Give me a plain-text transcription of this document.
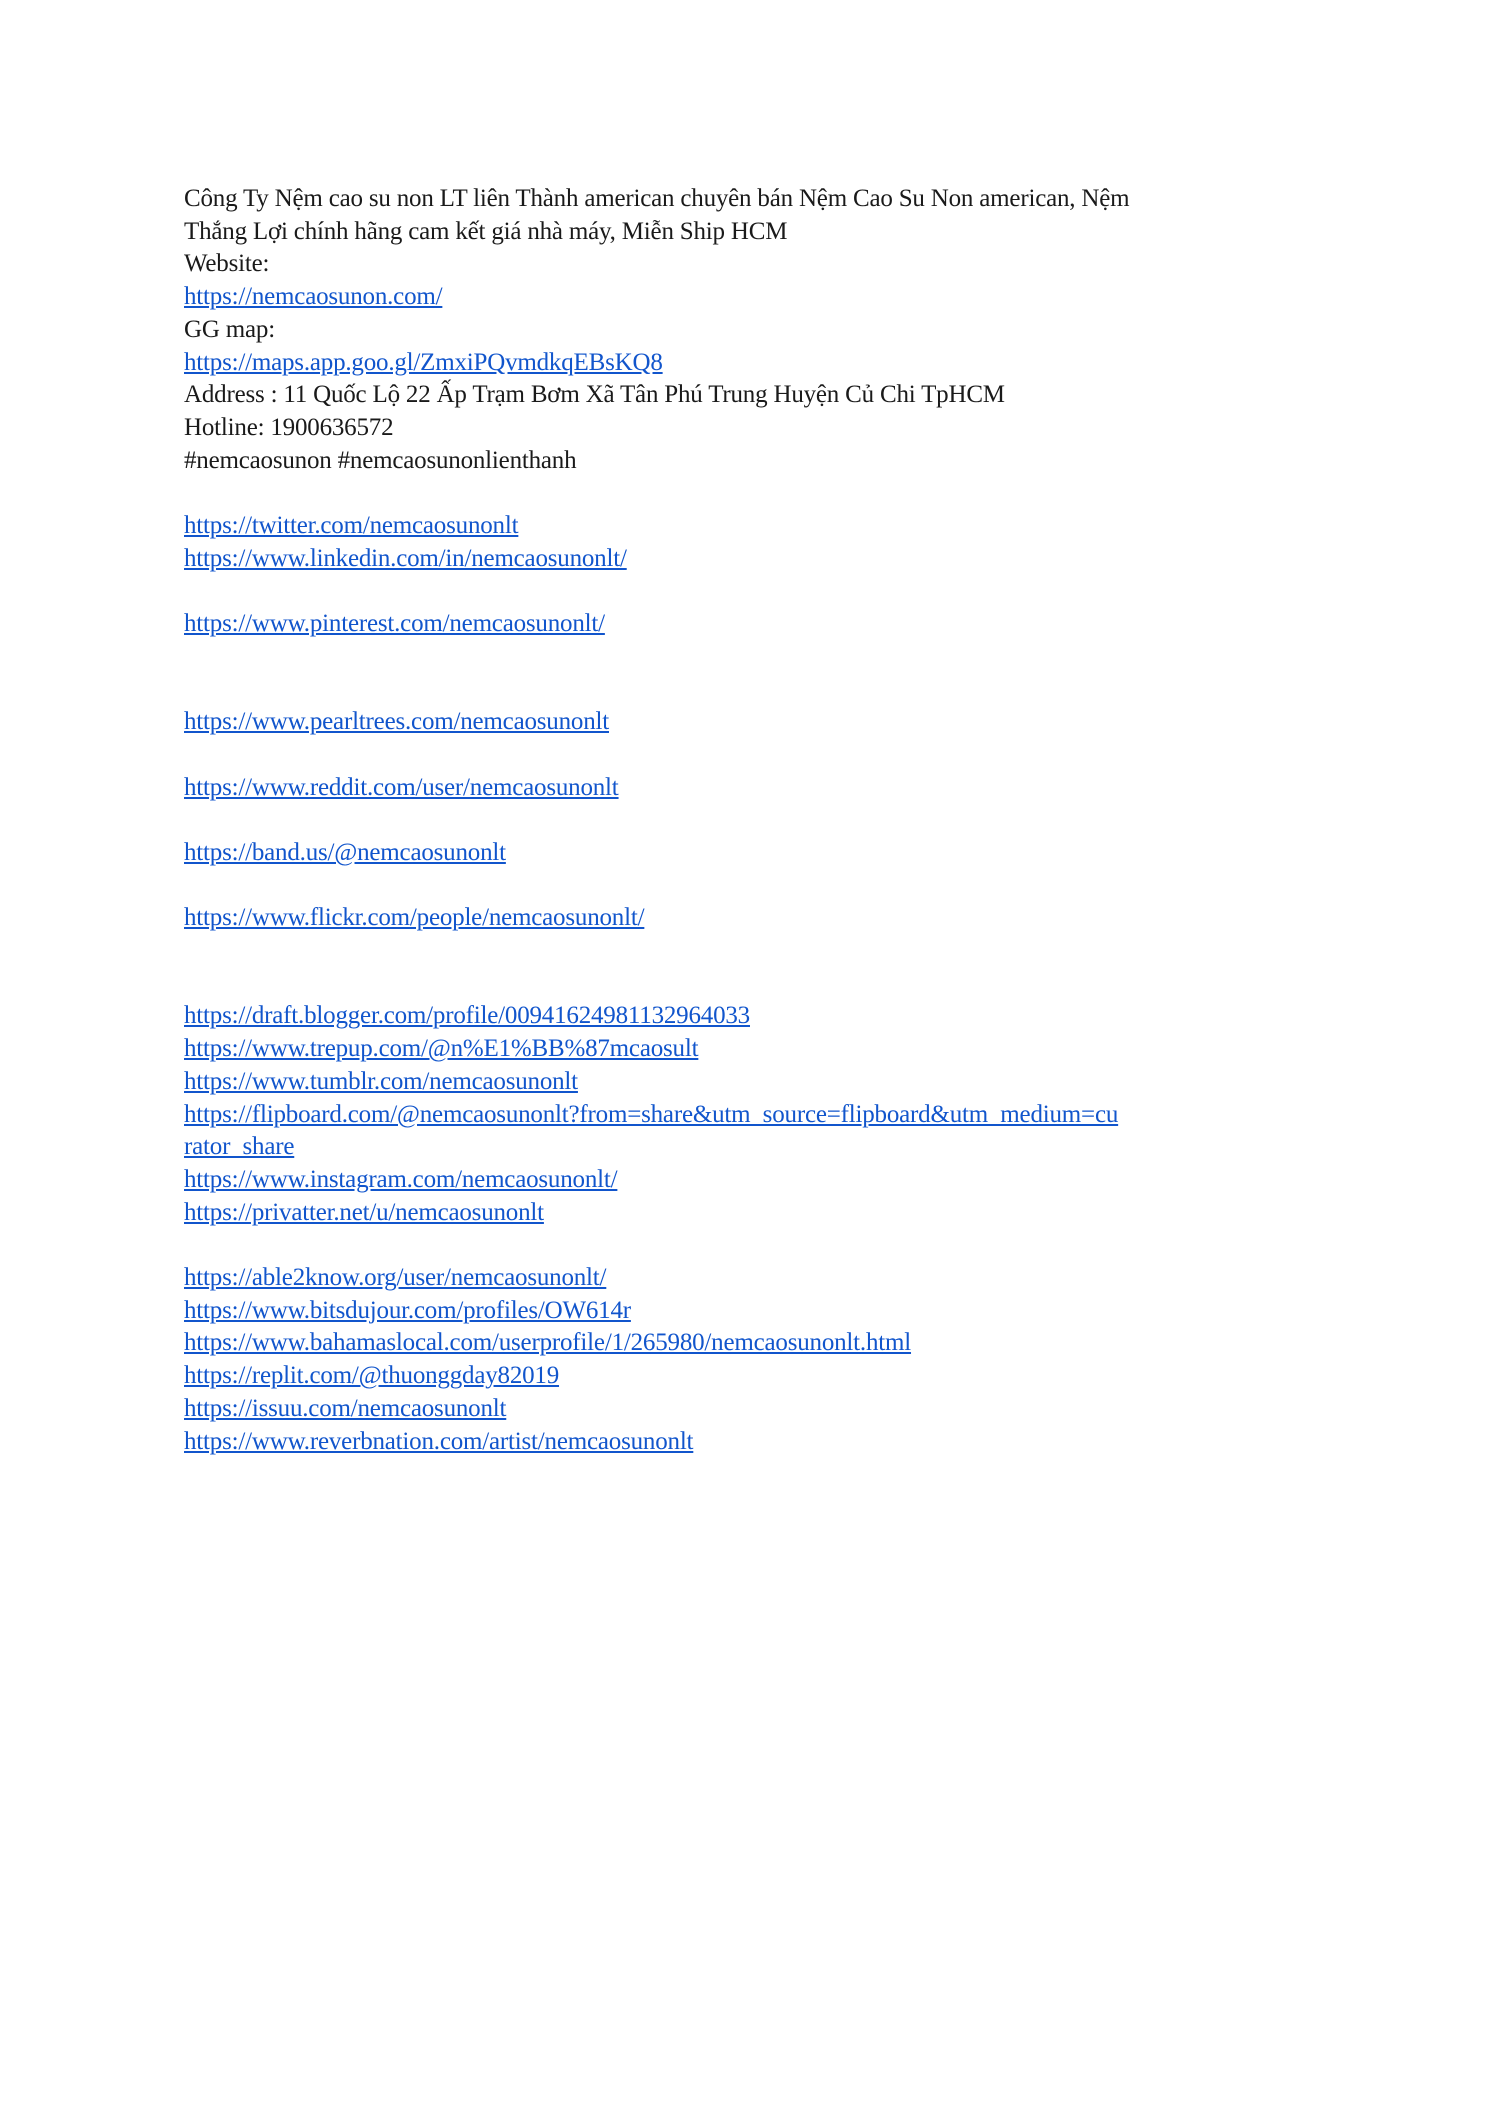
Công Ty Nệm cao su non LT liên Thành american chuyên bán Nệm Cao Su Non american, Nệm
Thắng Lợi chính hãng cam kết giá nhà máy, Miễn Ship HCM
Website:
https://nemcaosunon.com/
GG map:
https://maps.app.goo.gl/ZmxiPQvmdkqEBsKQ8
Address : 11 Quốc Lộ 22 Ấp Trạm Bơm Xã Tân Phú Trung Huyện Củ Chi TpHCM
Hotline: 1900636572
#nemcaosunon #nemcaosunonlienthanh
https://twitter.com/nemcaosunonlt
https://www.linkedin.com/in/nemcaosunonlt/
https://www.pinterest.com/nemcaosunonlt/
https://www.pearltrees.com/nemcaosunonlt
https://www.reddit.com/user/nemcaosunonlt
https://band.us/@nemcaosunonlt
https://www.flickr.com/people/nemcaosunonlt/
https://draft.blogger.com/profile/00941624981132964033
https://www.trepup.com/@n%E1%BB%87mcaosult
https://www.tumblr.com/nemcaosunonlt
https://flipboard.com/@nemcaosunonlt?from=share&utm_source=flipboard&utm_medium=cu
rator_share
https://www.instagram.com/nemcaosunonlt/
https://privatter.net/u/nemcaosunonlt
https://able2know.org/user/nemcaosunonlt/
https://www.bitsdujour.com/profiles/OW614r
https://www.bahamaslocal.com/userprofile/1/265980/nemcaosunonlt.html
https://replit.com/@thuonggday82019
https://issuu.com/nemcaosunonlt
https://www.reverbnation.com/artist/nemcaosunonlt
